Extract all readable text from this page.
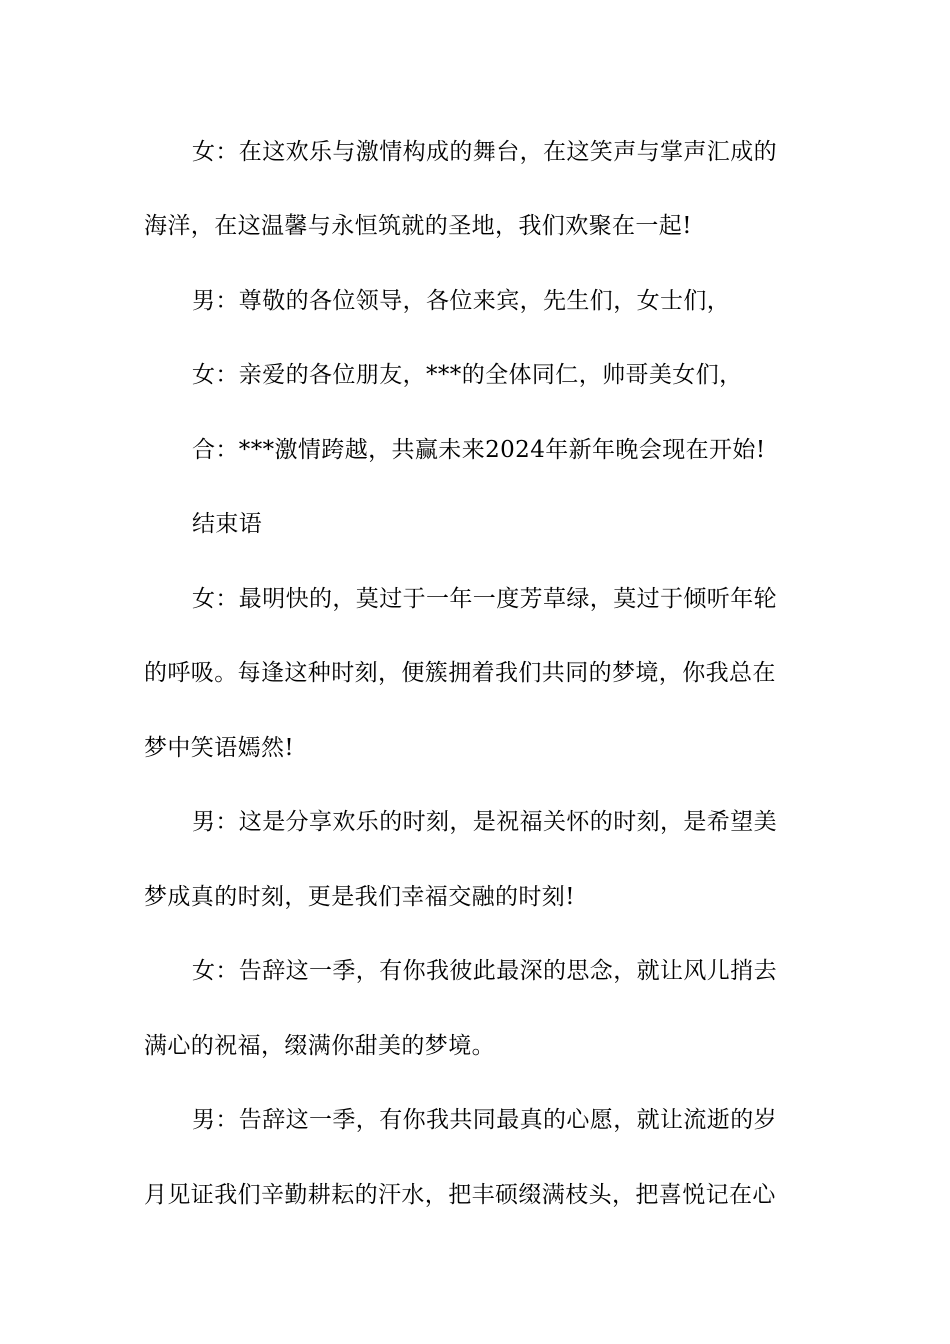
女：在这欢乐与激情构成的舞台，在这笑声与掌声汇成的
海洋，在这温馨与永恒筑就的圣地，我们欢聚在一起!
男：尊敬的各位领导，各位来宾，先生们，女士们，
女：亲爱的各位朋友，***的全体同仁，帅哥美女们，
合：***激情跨越，共赢未来2024年新年晚会现在开始!
结束语
女：最明快的，莫过于一年一度芳草绿，莫过于倾听年轮
的呼吸。每逢这种时刻，便簇拥着我们共同的梦境，你我总在
梦中笑语嫣然!
男：这是分享欢乐的时刻，是祝福关怀的时刻，是希望美
梦成真的时刻，更是我们幸福交融的时刻!
女：告辞这一季，有你我彼此最深的思念，就让风儿捎去
满心的祝福，缀满你甜美的梦境。
男：告辞这一季，有你我共同最真的心愿，就让流逝的岁
月见证我们辛勤耕耘的汗水，把丰硕缀满枝头，把喜悦记在心
